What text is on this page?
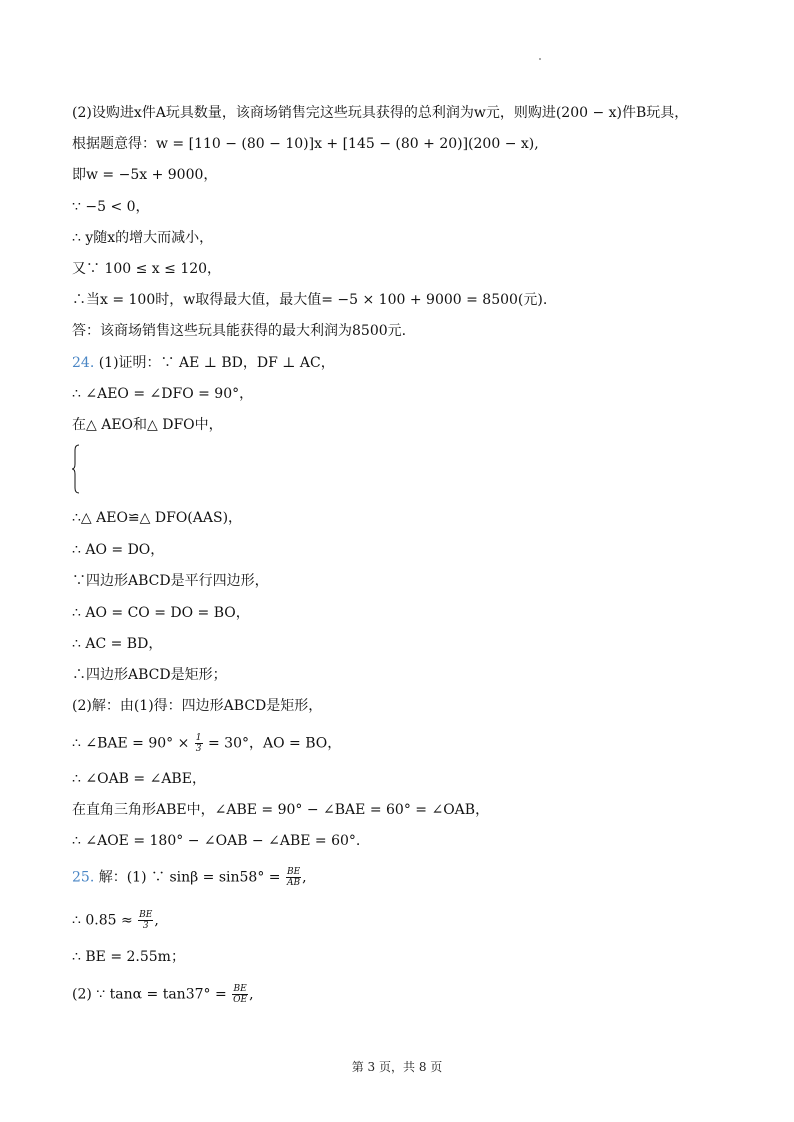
(2)设购进x件A玩具数量，该商场销售完这些玩具获得的总利润为w元，则购进(200 − x)件B玩具，
根据题意得：w = [110 − (80 − 10)]x + [145 − (80 + 20)](200 − x),
即w = −5x + 9000，
∵ −5 < 0，
∴ y随x的增大而减小，
又∵ 100 ≤ x ≤ 120，
∴当x = 100时，w取得最大值，最大值= −5 × 100 + 9000 = 8500(元).
答：该商场销售这些玩具能获得的最大利润为8500元.
24. (1)证明：∵ AE ⊥ BD，DF ⊥ AC，
∴ ∠AEO = ∠DFO = 90°，
在△ AEO和△ DFO中，
∴△ AEO≌△ DFO(AAS)，
∴ AO = DO，
∵四边形ABCD是平行四边形，
∴ AO = CO = DO = BO，
∴ AC = BD，
∴四边形ABCD是矩形；
(2)解：由(1)得：四边形ABCD是矩形，
∴ ∠BAE = $90^\circ \times \frac{1}{3} = 30^\circ$，AO = BO，
∴ ∠OAB = ∠ABE，
在直角三角形ABE中，∠ABE = 90° − ∠BAE = 60° = ∠OAB，
∴ ∠AOE = 180° − ∠OAB − ∠ABE = 60°.
25. 解：(1) ∵ $\sin\beta = \sin 58^\circ = \frac{BE}{AB}$ ,
∴ $0.85 \approx \frac{BE}{3}$ ,
∴ BE = 2.55m；
(2) ∵ $\tan\alpha = \tan 37^\circ = \frac{BE}{OE}$ ,
第 3 页，共 8 页
